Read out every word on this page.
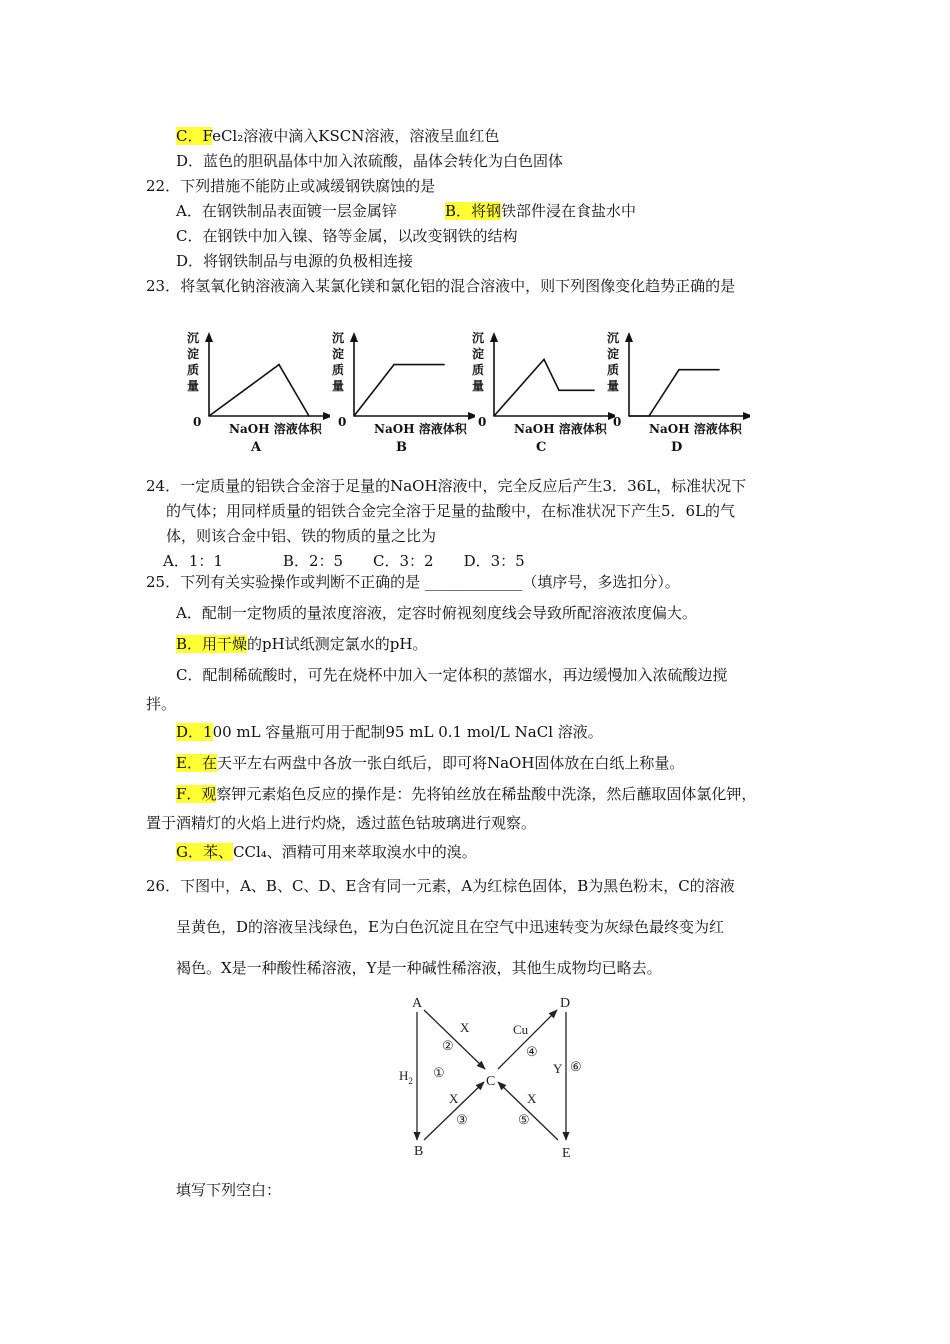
C．FeCl₂溶液中滴入KSCN溶液，溶液呈血红色
D．蓝色的胆矾晶体中加入浓硫酸，晶体会转化为白色固体
22．下列措施不能防止或减缓钢铁腐蚀的是
A．在钢铁制品表面镀一层金属锌	B．将钢铁部件浸在食盐水中
C．在钢铁中加入镍、铬等金属，以改变钢铁的结构
D．将钢铁制品与电源的负极相连接
23．将氢氧化钠溶液滴入某氯化镁和氯化铝的混合溶液中，则下列图像变化趋势正确的是
沉
淀
质
量
0 NaOH 溶液体积
A
沉
淀
质
量
0 NaOH 溶液体积
B
沉
淀
质
量
0 NaOH 溶液体积
C
沉
淀
质
量
0 NaOH 溶液体积
D
24．一定质量的铝铁合金溶于足量的NaOH溶液中，完全反应后产生3．36L，标准状况下
的气体；用同样质量的铝铁合金完全溶于足量的盐酸中，在标准状况下产生5．6L的气
体，则该合金中铝、铁的物质的量之比为
A．1：1　　　　B．2：5　　C．3：2　　D．3：5
25．下列有关实验操作或判断不正确的是 _____________（填序号，多选扣分）。
A．配制一定物质的量浓度溶液，定容时俯视刻度线会导致所配溶液浓度偏大。
B．用干燥的pH试纸测定氯水的pH。
C．配制稀硫酸时，可先在烧杯中加入一定体积的蒸馏水，再边缓慢加入浓硫酸边搅
拌。
D．100 mL 容量瓶可用于配制95 mL 0.1 mol/L NaCl 溶液。
E．在天平左右两盘中各放一张白纸后，即可将NaOH固体放在白纸上称量。
F．观察钾元素焰色反应的操作是：先将铂丝放在稀盐酸中洗涤，然后蘸取固体氯化钾，
置于酒精灯的火焰上进行灼烧，透过蓝色钴玻璃进行观察。
G．苯、CCl₄、酒精可用来萃取溴水中的溴。
26．下图中，A、B、C、D、E含有同一元素，A为红棕色固体，B为黑色粉末，C的溶液
呈黄色，D的溶液呈浅绿色，E为白色沉淀且在空气中迅速转变为灰绿色最终变为红
褐色。X是一种酸性稀溶液，Y是一种碱性稀溶液，其他生成物均已略去。
A
B
C
D
E
$H_2$
①
X
②
X
③
Cu
④
X
⑤
Y ⑥
填写下列空白：
